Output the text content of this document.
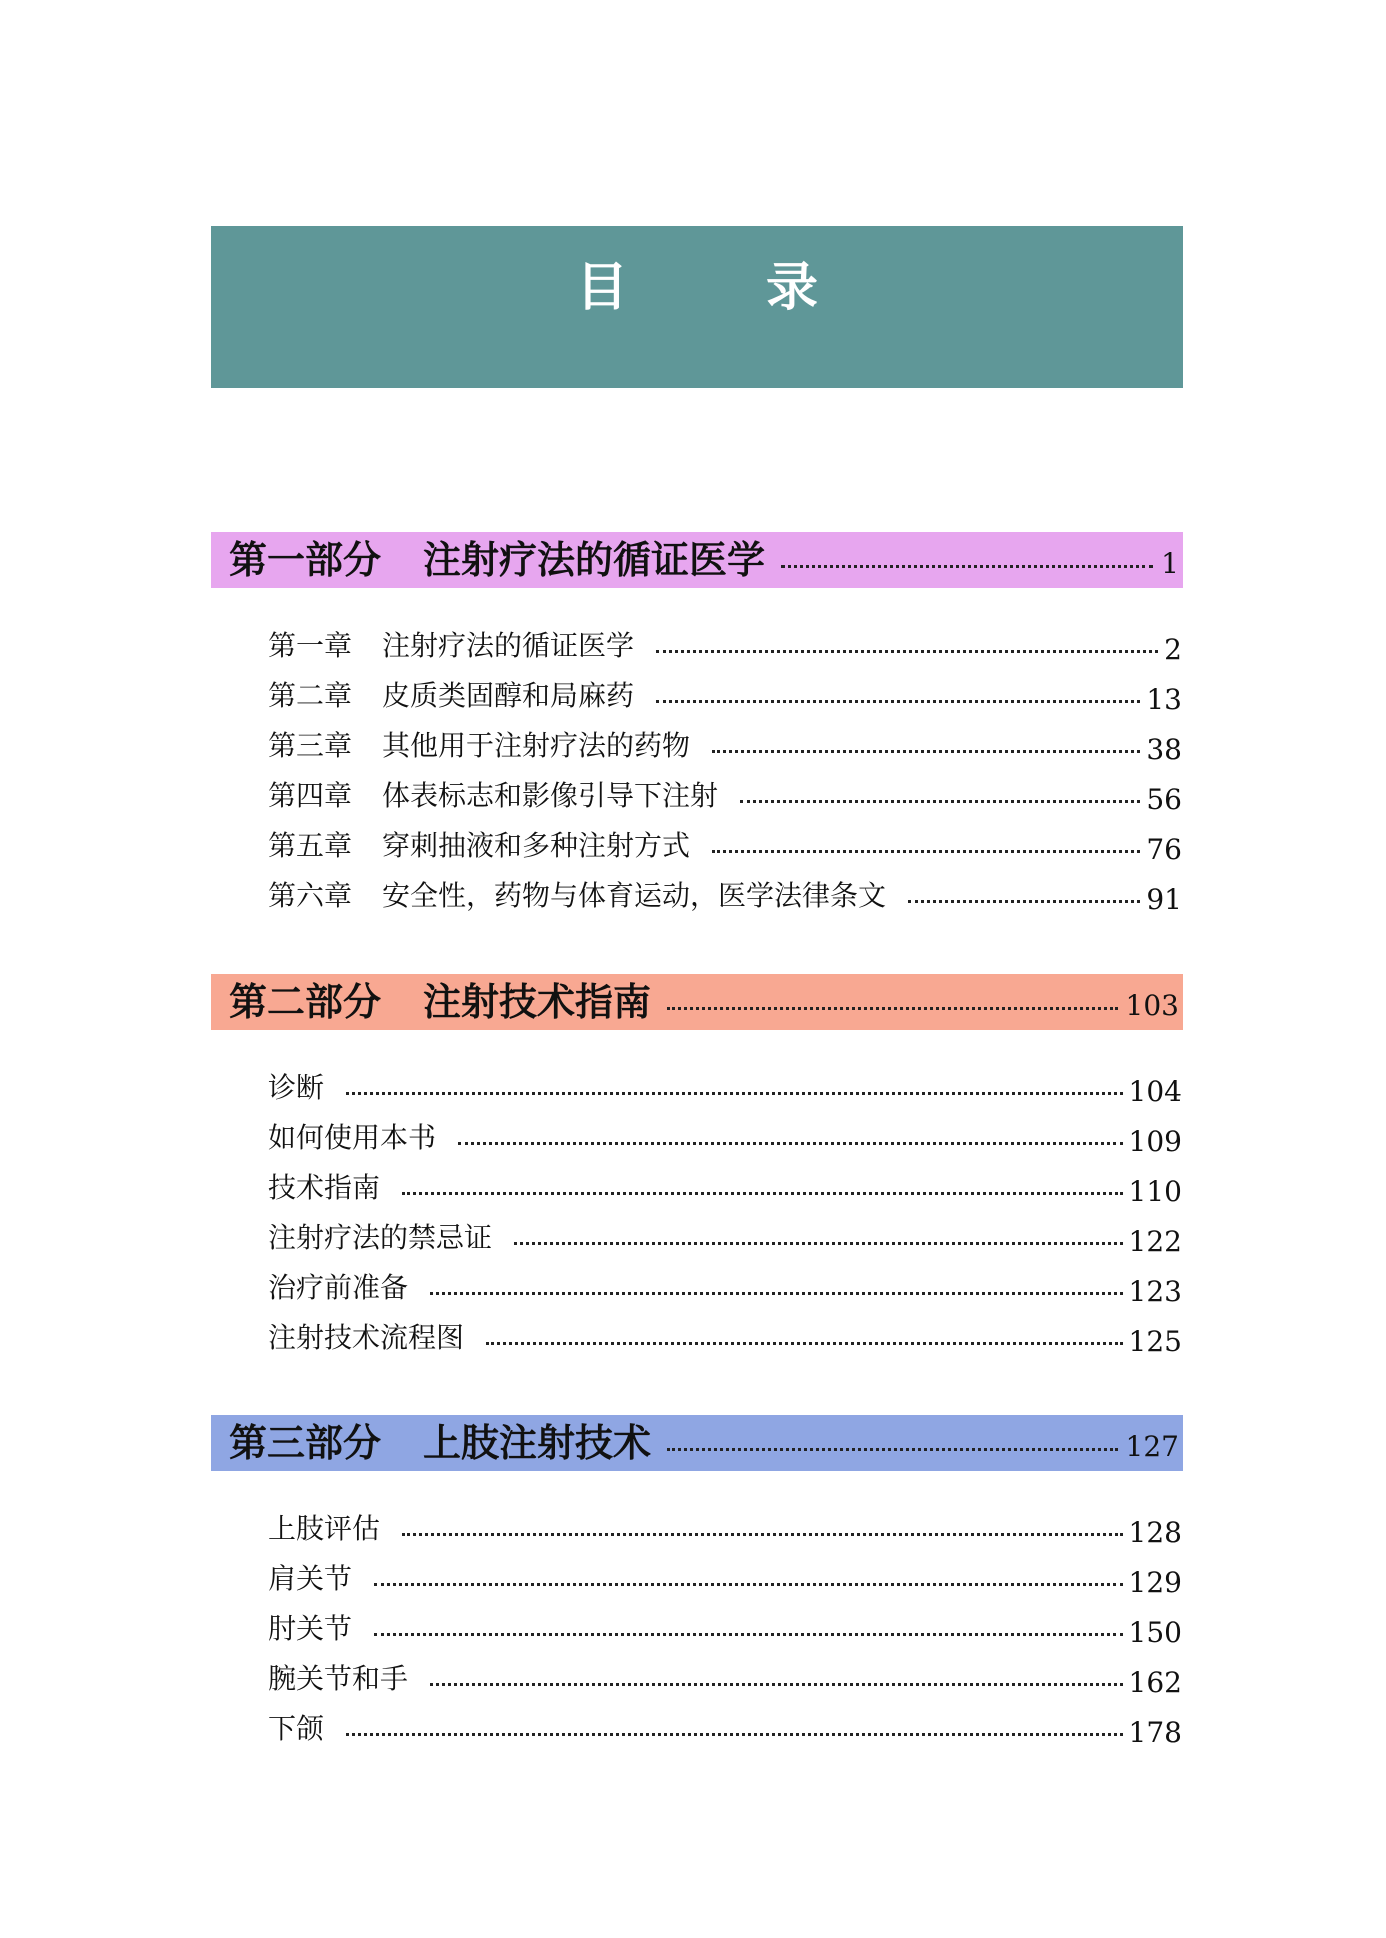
目 录
第一部分 注射疗法的循证医学	1
第一章 注射疗法的循证医学	2
第二章 皮质类固醇和局麻药	13
第三章 其他用于注射疗法的药物	38
第四章 体表标志和影像引导下注射	56
第五章 穿刺抽液和多种注射方式	76
第六章 安全性，药物与体育运动，医学法律条文	91
第二部分 注射技术指南	103
诊断	104
如何使用本书	109
技术指南	110
注射疗法的禁忌证	122
治疗前准备	123
注射技术流程图	125
第三部分 上肢注射技术	127
上肢评估	128
肩关节	129
肘关节	150
腕关节和手	162
下颌	178
